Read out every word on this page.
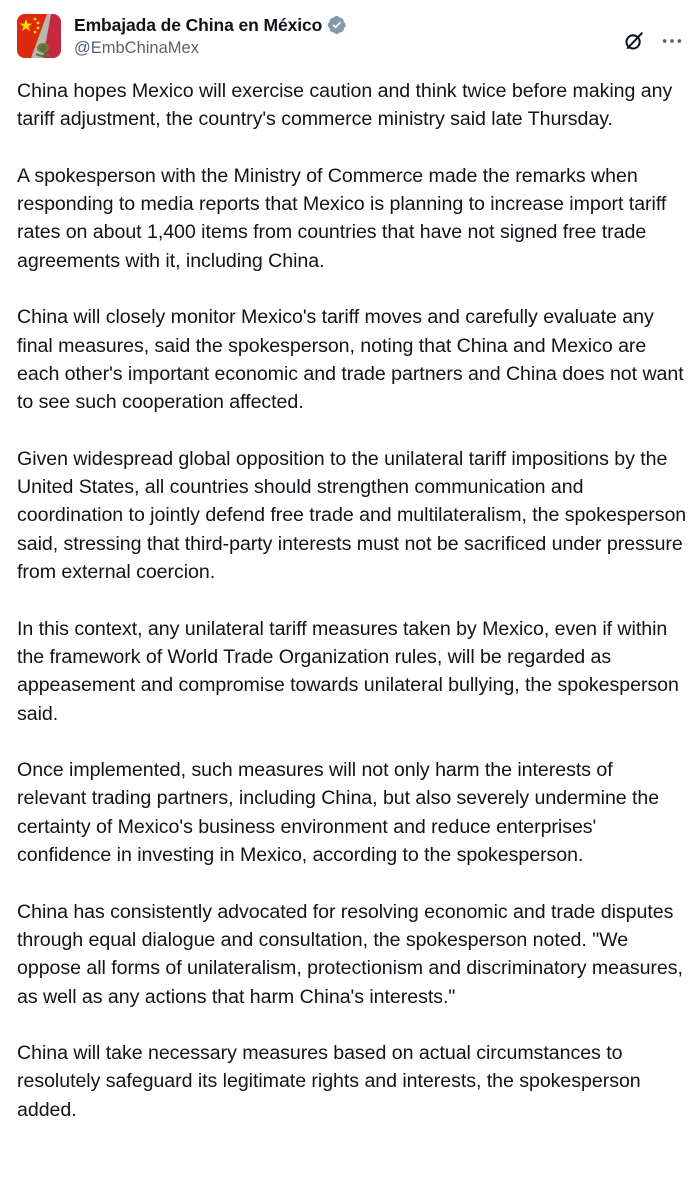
Embajada de China en México
@EmbChinaMex

China hopes Mexico will exercise caution and think twice before making any tariff adjustment, the country's commerce ministry said late Thursday.

A spokesperson with the Ministry of Commerce made the remarks when responding to media reports that Mexico is planning to increase import tariff rates on about 1,400 items from countries that have not signed free trade agreements with it, including China.

China will closely monitor Mexico's tariff moves and carefully evaluate any final measures, said the spokesperson, noting that China and Mexico are each other's important economic and trade partners and China does not want to see such cooperation affected.

Given widespread global opposition to the unilateral tariff impositions by the United States, all countries should strengthen communication and coordination to jointly defend free trade and multilateralism, the spokesperson said, stressing that third-party interests must not be sacrificed under pressure from external coercion.

In this context, any unilateral tariff measures taken by Mexico, even if within the framework of World Trade Organization rules, will be regarded as appeasement and compromise towards unilateral bullying, the spokesperson said.

Once implemented, such measures will not only harm the interests of relevant trading partners, including China, but also severely undermine the certainty of Mexico's business environment and reduce enterprises' confidence in investing in Mexico, according to the spokesperson.

China has consistently advocated for resolving economic and trade disputes through equal dialogue and consultation, the spokesperson noted. "We oppose all forms of unilateralism, protectionism and discriminatory measures, as well as any actions that harm China's interests."

China will take necessary measures based on actual circumstances to resolutely safeguard its legitimate rights and interests, the spokesperson added.
